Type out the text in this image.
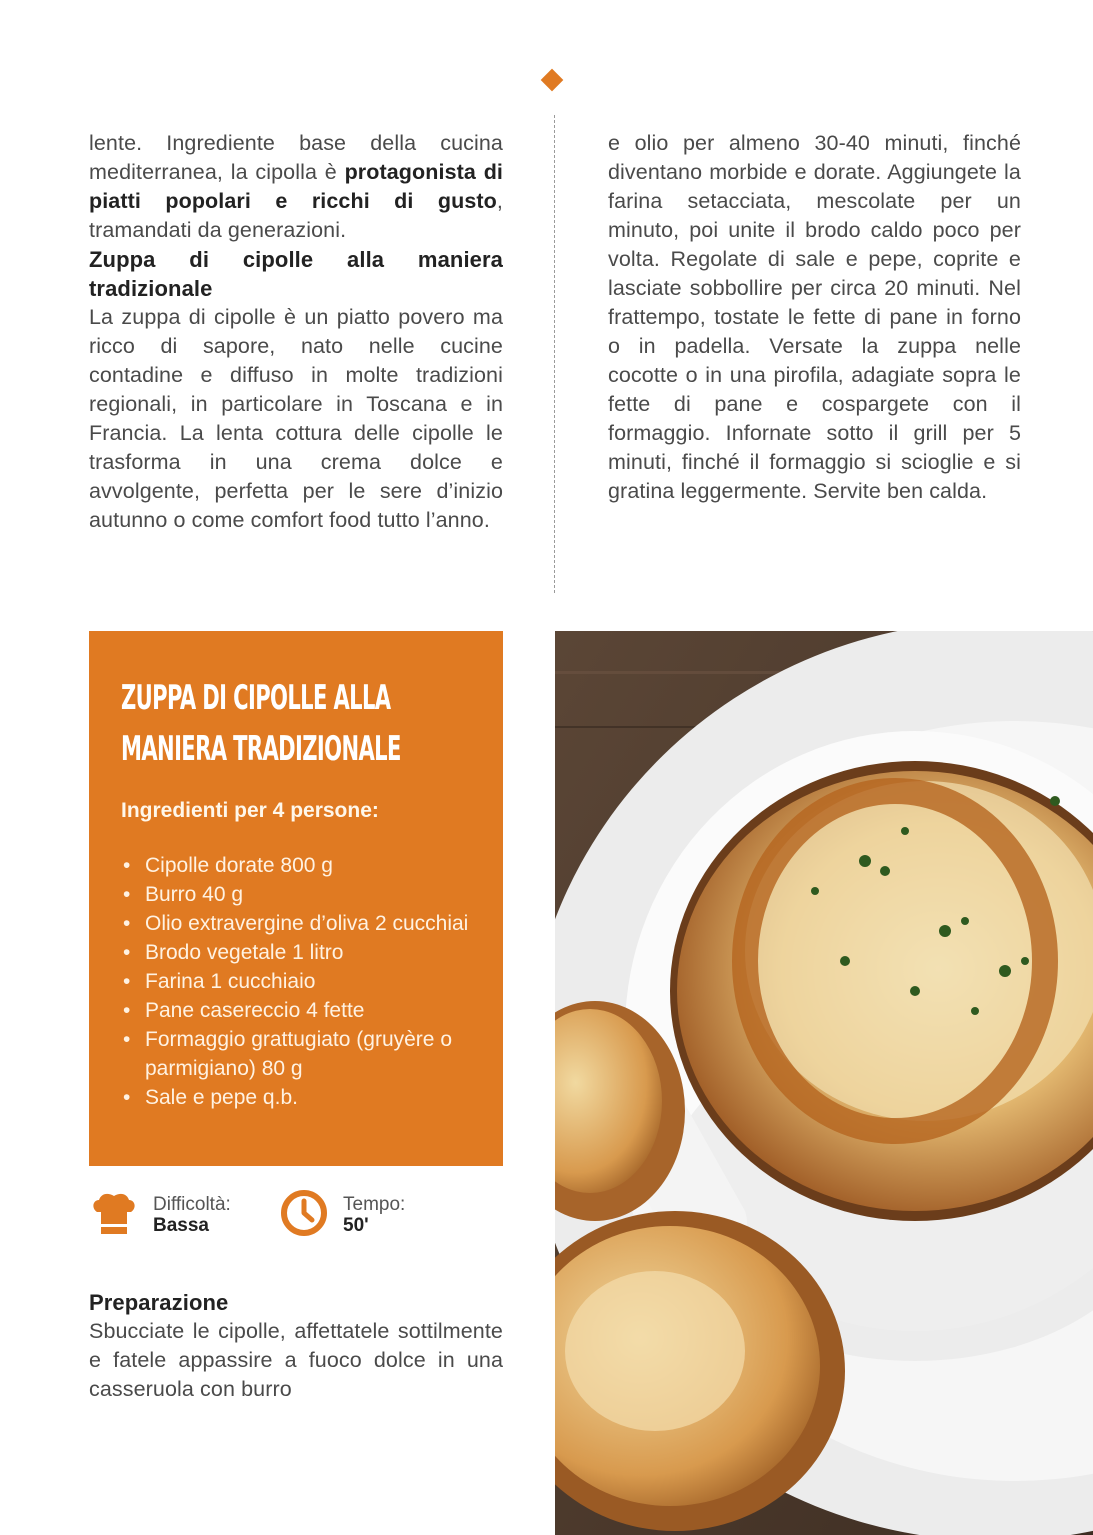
lente. Ingrediente base della cucina mediterranea, la cipolla è protagonista di piatti popolari e ricchi di gusto, tramandati da generazioni.

Zuppa di cipolle alla maniera tradizionale

La zuppa di cipolle è un piatto povero ma ricco di sapore, nato nelle cucine contadine e diffuso in molte tradizioni regionali, in particolare in Toscana e in Francia. La lenta cottura delle cipolle le trasforma in una crema dolce e avvolgente, perfetta per le sere d’inizio autunno o come comfort food tutto l’anno.

e olio per almeno 30-40 minuti, finché diventano morbide e dorate. Aggiungete la farina setacciata, mescolate per un minuto, poi unite il brodo caldo poco per volta. Regolate di sale e pepe, coprite e lasciate sobbollire per circa 20 minuti. Nel frattempo, tostate le fette di pane in forno o in padella. Versate la zuppa nelle cocotte o in una pirofila, adagiate sopra le fette di pane e cospargete con il formaggio. Infornate sotto il grill per 5 minuti, finché il formaggio si scioglie e si gratina leggermente. Servite ben calda.

ZUPPA DI CIPOLLE ALLA
MANIERA TRADIZIONALE
Ingredienti per 4 persone:
• Cipolle dorate 800 g
• Burro 40 g
• Olio extravergine d’oliva 2 cucchiai
• Brodo vegetale 1 litro
• Farina 1 cucchiaio
• Pane casereccio 4 fette
• Formaggio grattugiato (gruyère o parmigiano) 80 g
• Sale e pepe q.b.
Difficoltà:
Bassa
Tempo:
50'
Preparazione

Sbucciate le cipolle, affettatele sottilmente e fatele appassire a fuoco dolce in una casseruola con burro
